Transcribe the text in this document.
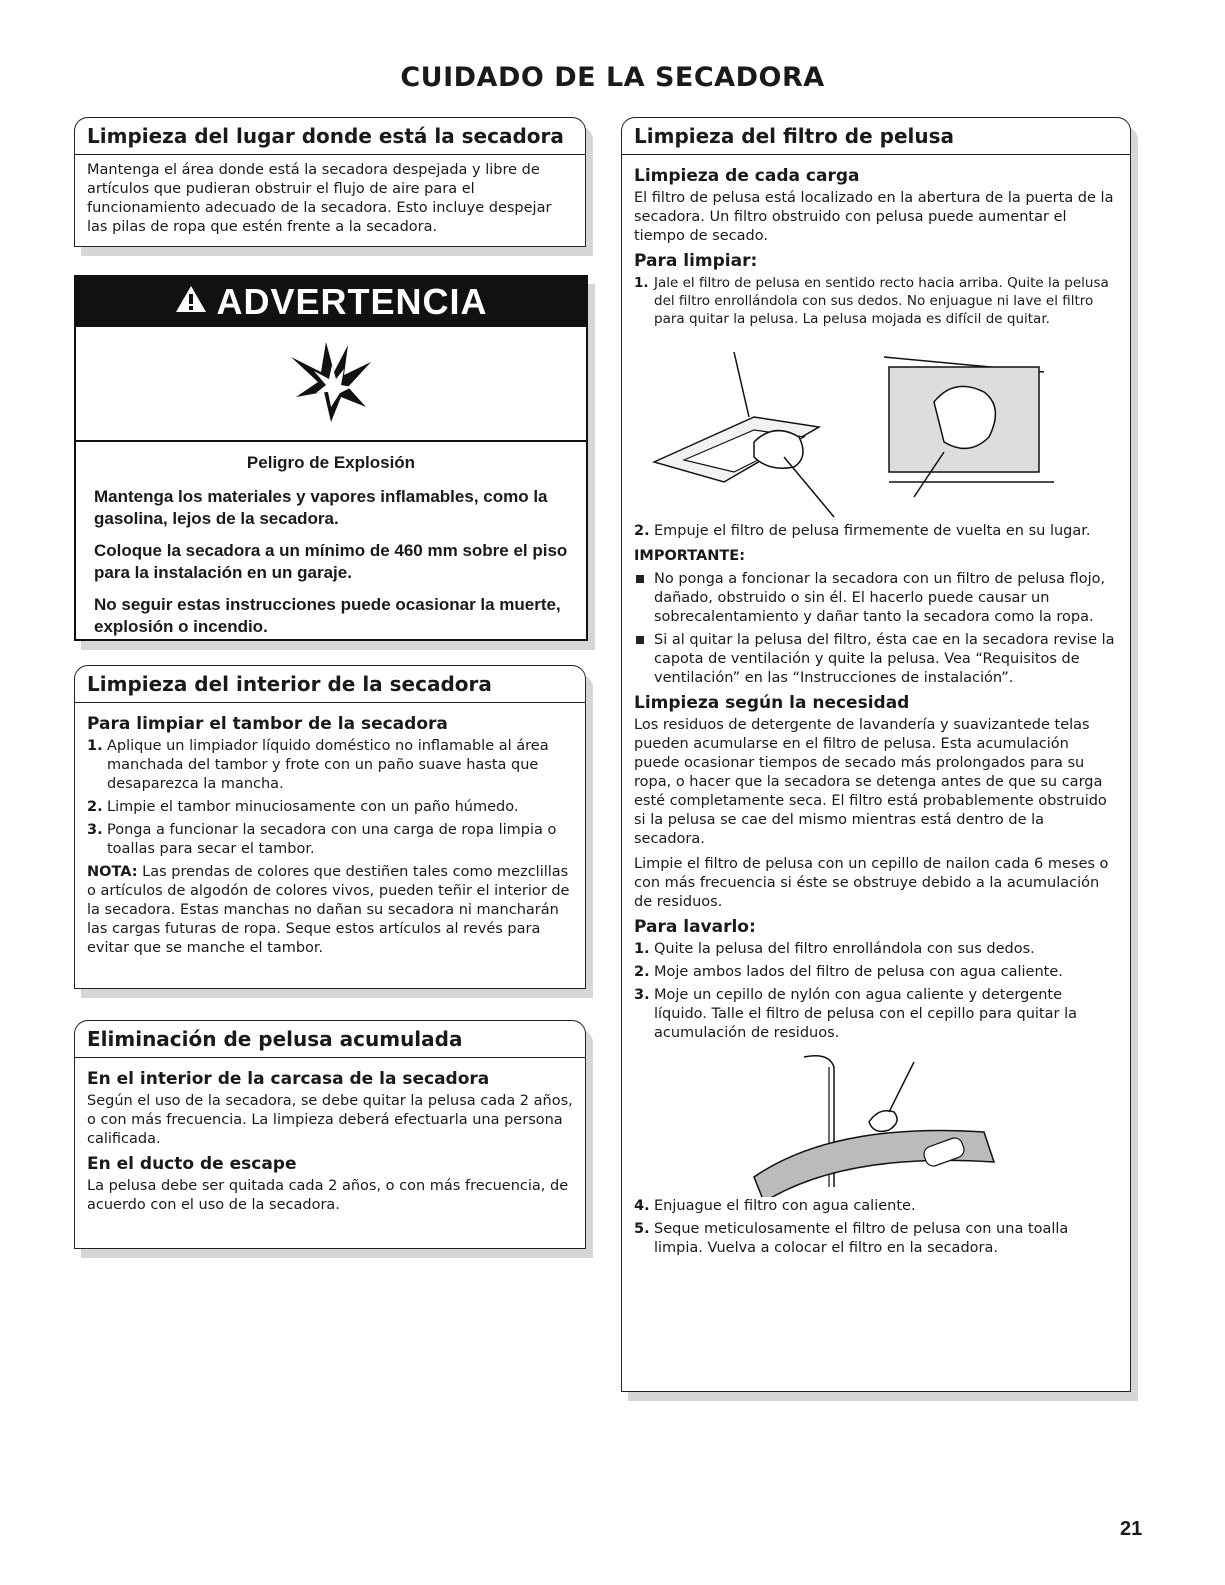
CUIDADO DE LA SECADORA
Limpieza del lugar donde está la secadora

Mantenga el área donde está la secadora despejada y libre de artículos que pudieran obstruir el flujo de aire para el funcionamiento adecuado de la secadora. Esto incluye despejar las pilas de ropa que estén frente a la secadora.

ADVERTENCIA

Peligro de Explosión

Mantenga los materiales y vapores inflamables, como la gasolina, lejos de la secadora.

Coloque la secadora a un mínimo de 460 mm sobre el piso para la instalación en un garaje.

No seguir estas instrucciones puede ocasionar la muerte, explosión o incendio.

Limpieza del interior de la secadora
Para limpiar el tambor de la secadora
1. Aplique un limpiador líquido doméstico no inflamable al área manchada del tambor y frote con un paño suave hasta que desaparezca la mancha.
2. Limpie el tambor minuciosamente con un paño húmedo.
3. Ponga a funcionar la secadora con una carga de ropa limpia o toallas para secar el tambor.

NOTA: Las prendas de colores que destiñen tales como mezclillas o artículos de algodón de colores vivos, pueden teñir el interior de la secadora. Estas manchas no dañan su secadora ni mancharán las cargas futuras de ropa. Seque estos artículos al revés para evitar que se manche el tambor.

Eliminación de pelusa acumulada
En el interior de la carcasa de la secadora

Según el uso de la secadora, se debe quitar la pelusa cada 2 años, o con más frecuencia. La limpieza deberá efectuarla una persona calificada.

En el ducto de escape

La pelusa debe ser quitada cada 2 años, o con más frecuencia, de acuerdo con el uso de la secadora.

Limpieza del filtro de pelusa
Limpieza de cada carga

El filtro de pelusa está localizado en la abertura de la puerta de la secadora. Un filtro obstruido con pelusa puede aumentar el tiempo de secado.

Para limpiar:
1. Jale el filtro de pelusa en sentido recto hacia arriba. Quite la pelusa del filtro enrollándola con sus dedos. No enjuague ni lave el filtro para quitar la pelusa. La pelusa mojada es difícil de quitar.
2. Empuje el filtro de pelusa firmemente de vuelta en su lugar.
IMPORTANTE:
No ponga a foncionar la secadora con un filtro de pelusa flojo, dañado, obstruido o sin él. El hacerlo puede causar un sobrecalentamiento y dañar tanto la secadora como la ropa.
Si al quitar la pelusa del filtro, ésta cae en la secadora revise la capota de ventilación y quite la pelusa. Vea “Requisitos de ventilación” en las “Instrucciones de instalación”.
Limpieza según la necesidad

Los residuos de detergente de lavandería y suavizantede telas pueden acumularse en el filtro de pelusa. Esta acumulación puede ocasionar tiempos de secado más prolongados para su ropa, o hacer que la secadora se detenga antes de que su carga esté completamente seca. El filtro está probablemente obstruido si la pelusa se cae del mismo mientras está dentro de la secadora.

Limpie el filtro de pelusa con un cepillo de nailon cada 6 meses o con más frecuencia si éste se obstruye debido a la acumulación de residuos.

Para lavarlo:
1. Quite la pelusa del filtro enrollándola con sus dedos.
2. Moje ambos lados del filtro de pelusa con agua caliente.
3. Moje un cepillo de nylón con agua caliente y detergente líquido. Talle el filtro de pelusa con el cepillo para quitar la acumulación de residuos.
4. Enjuague el filtro con agua caliente.
5. Seque meticulosamente el filtro de pelusa con una toalla limpia. Vuelva a colocar el filtro en la secadora.
21
